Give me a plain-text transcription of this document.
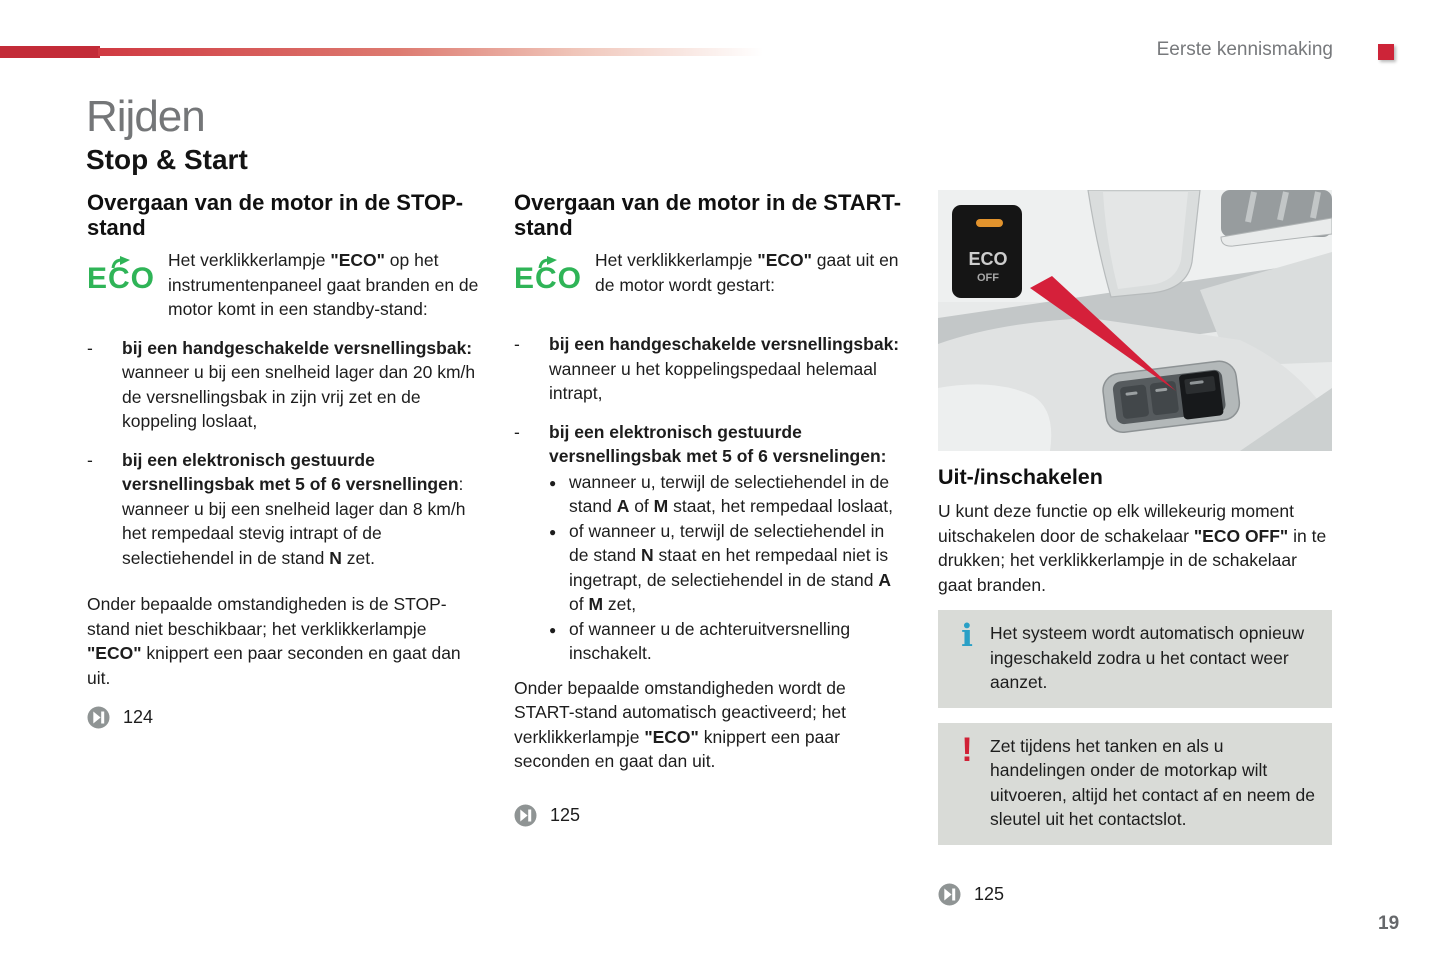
Eerste kennismaking
Rijden
Stop & Start
Overgaan van de motor in de STOP-stand
ECO
Het verklikkerlampje "ECO" op het instrumentenpaneel gaat branden en de motor komt in een standby-stand:
-	bij een handgeschakelde versnellingsbak: wanneer u bij een snelheid lager dan 20 km/h de versnellingsbak in zijn vrij zet en de koppeling loslaat,
-	bij een elektronisch gestuurde versnellingsbak met 5 of 6 versnellingen: wanneer u bij een snelheid lager dan 8 km/h het rempedaal stevig intrapt of de selectiehendel in de stand N zet.
Onder bepaalde omstandigheden is de STOP-stand niet beschikbaar; het verklikkerlampje "ECO" knippert een paar seconden en gaat dan uit.
124
Overgaan van de motor in de START-stand
ECO
Het verklikkerlampje "ECO" gaat uit en de motor wordt gestart:
-	bij een handgeschakelde versnellingsbak: wanneer u het koppelingspedaal helemaal intrapt,
-	bij een elektronisch gestuurde versnellingsbak met 5 of 6 versnelingen:
● wanneer u, terwijl de selectiehendel in de stand A of M staat, het rempedaal loslaat,
● of wanneer u, terwijl de selectiehendel in de stand N staat en het rempedaal niet is ingetrapt, de selectiehendel in de stand A of M zet,
● of wanneer u de achteruitversnelling inschakelt.
Onder bepaalde omstandigheden wordt de START-stand automatisch geactiveerd; het verklikkerlampje "ECO" knippert een paar seconden en gaat dan uit.
125
ECO
OFF
Uit-/inschakelen
U kunt deze functie op elk willekeurig moment uitschakelen door de schakelaar "ECO OFF" in te drukken; het verklikkerlampje in de schakelaar gaat branden.
i Het systeem wordt automatisch opnieuw ingeschakeld zodra u het contact weer aanzet.
! Zet tijdens het tanken en als u handelingen onder de motorkap wilt uitvoeren, altijd het contact af en neem de sleutel uit het contactslot.
125
19
